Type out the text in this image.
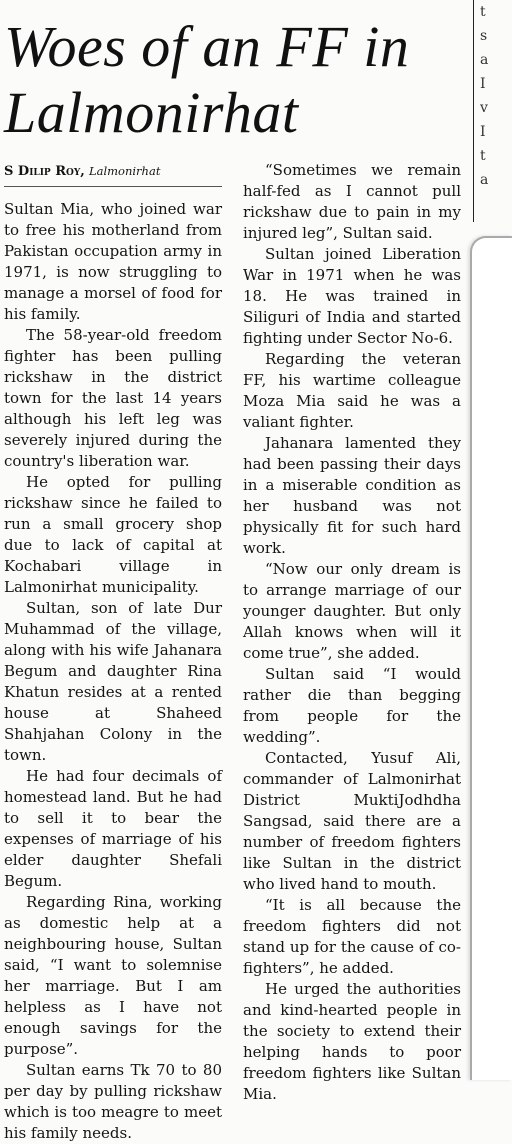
Woes of an FF in Lalmonirhat
S Dilip Roy, Lalmonirhat

Sultan Mia, who joined war to free his motherland from Pakistan occupation army in 1971, is now struggling to manage a morsel of food for his family.

The 58-year-old freedom fighter has been pulling rickshaw in the district town for the last 14 years although his left leg was severely injured during the country's liberation war.

He opted for pulling rickshaw since he failed to run a small grocery shop due to lack of capital at Kochabari village in Lalmonirhat municipality.

Sultan, son of late Dur Muhammad of the village, along with his wife Jahanara Begum and daughter Rina Khatun resides at a rented house at Shaheed Shahjahan Colony in the town.

He had four decimals of homestead land. But he had to sell it to bear the expenses of marriage of his elder daughter Shefali Begum.

Regarding Rina, working as domestic help at a neighbouring house, Sultan said, “I want to solemnise her marriage. But I am helpless as I have not enough savings for the purpose”.

Sultan earns Tk 70 to 80 per day by pulling rickshaw which is too meagre to meet his family needs.

“Sometimes we remain half-fed as I cannot pull rickshaw due to pain in my injured leg”, Sultan said.

Sultan joined Liberation War in 1971 when he was 18. He was trained in Siliguri of India and started fighting under Sector No-6.

Regarding the veteran FF, his wartime colleague Moza Mia said he was a valiant fighter.

Jahanara lamented they had been passing their days in a miserable condition as her husband was not physically fit for such hard work.

“Now our only dream is to arrange marriage of our younger daughter. But only Allah knows when will it come true”, she added.

Sultan said “I would rather die than begging from people for the wedding”.

Contacted, Yusuf Ali, commander of Lalmonirhat District MuktiJodhdha Sangsad, said there are a number of freedom fighters like Sultan in the district who lived hand to mouth.

“It is all because the freedom fighters did not stand up for the cause of co-fighters”, he added.

He urged the authorities and kind-hearted people in the society to extend their helping hands to poor freedom fighters like Sultan Mia.

t
s
a
I
v
I
t
a
